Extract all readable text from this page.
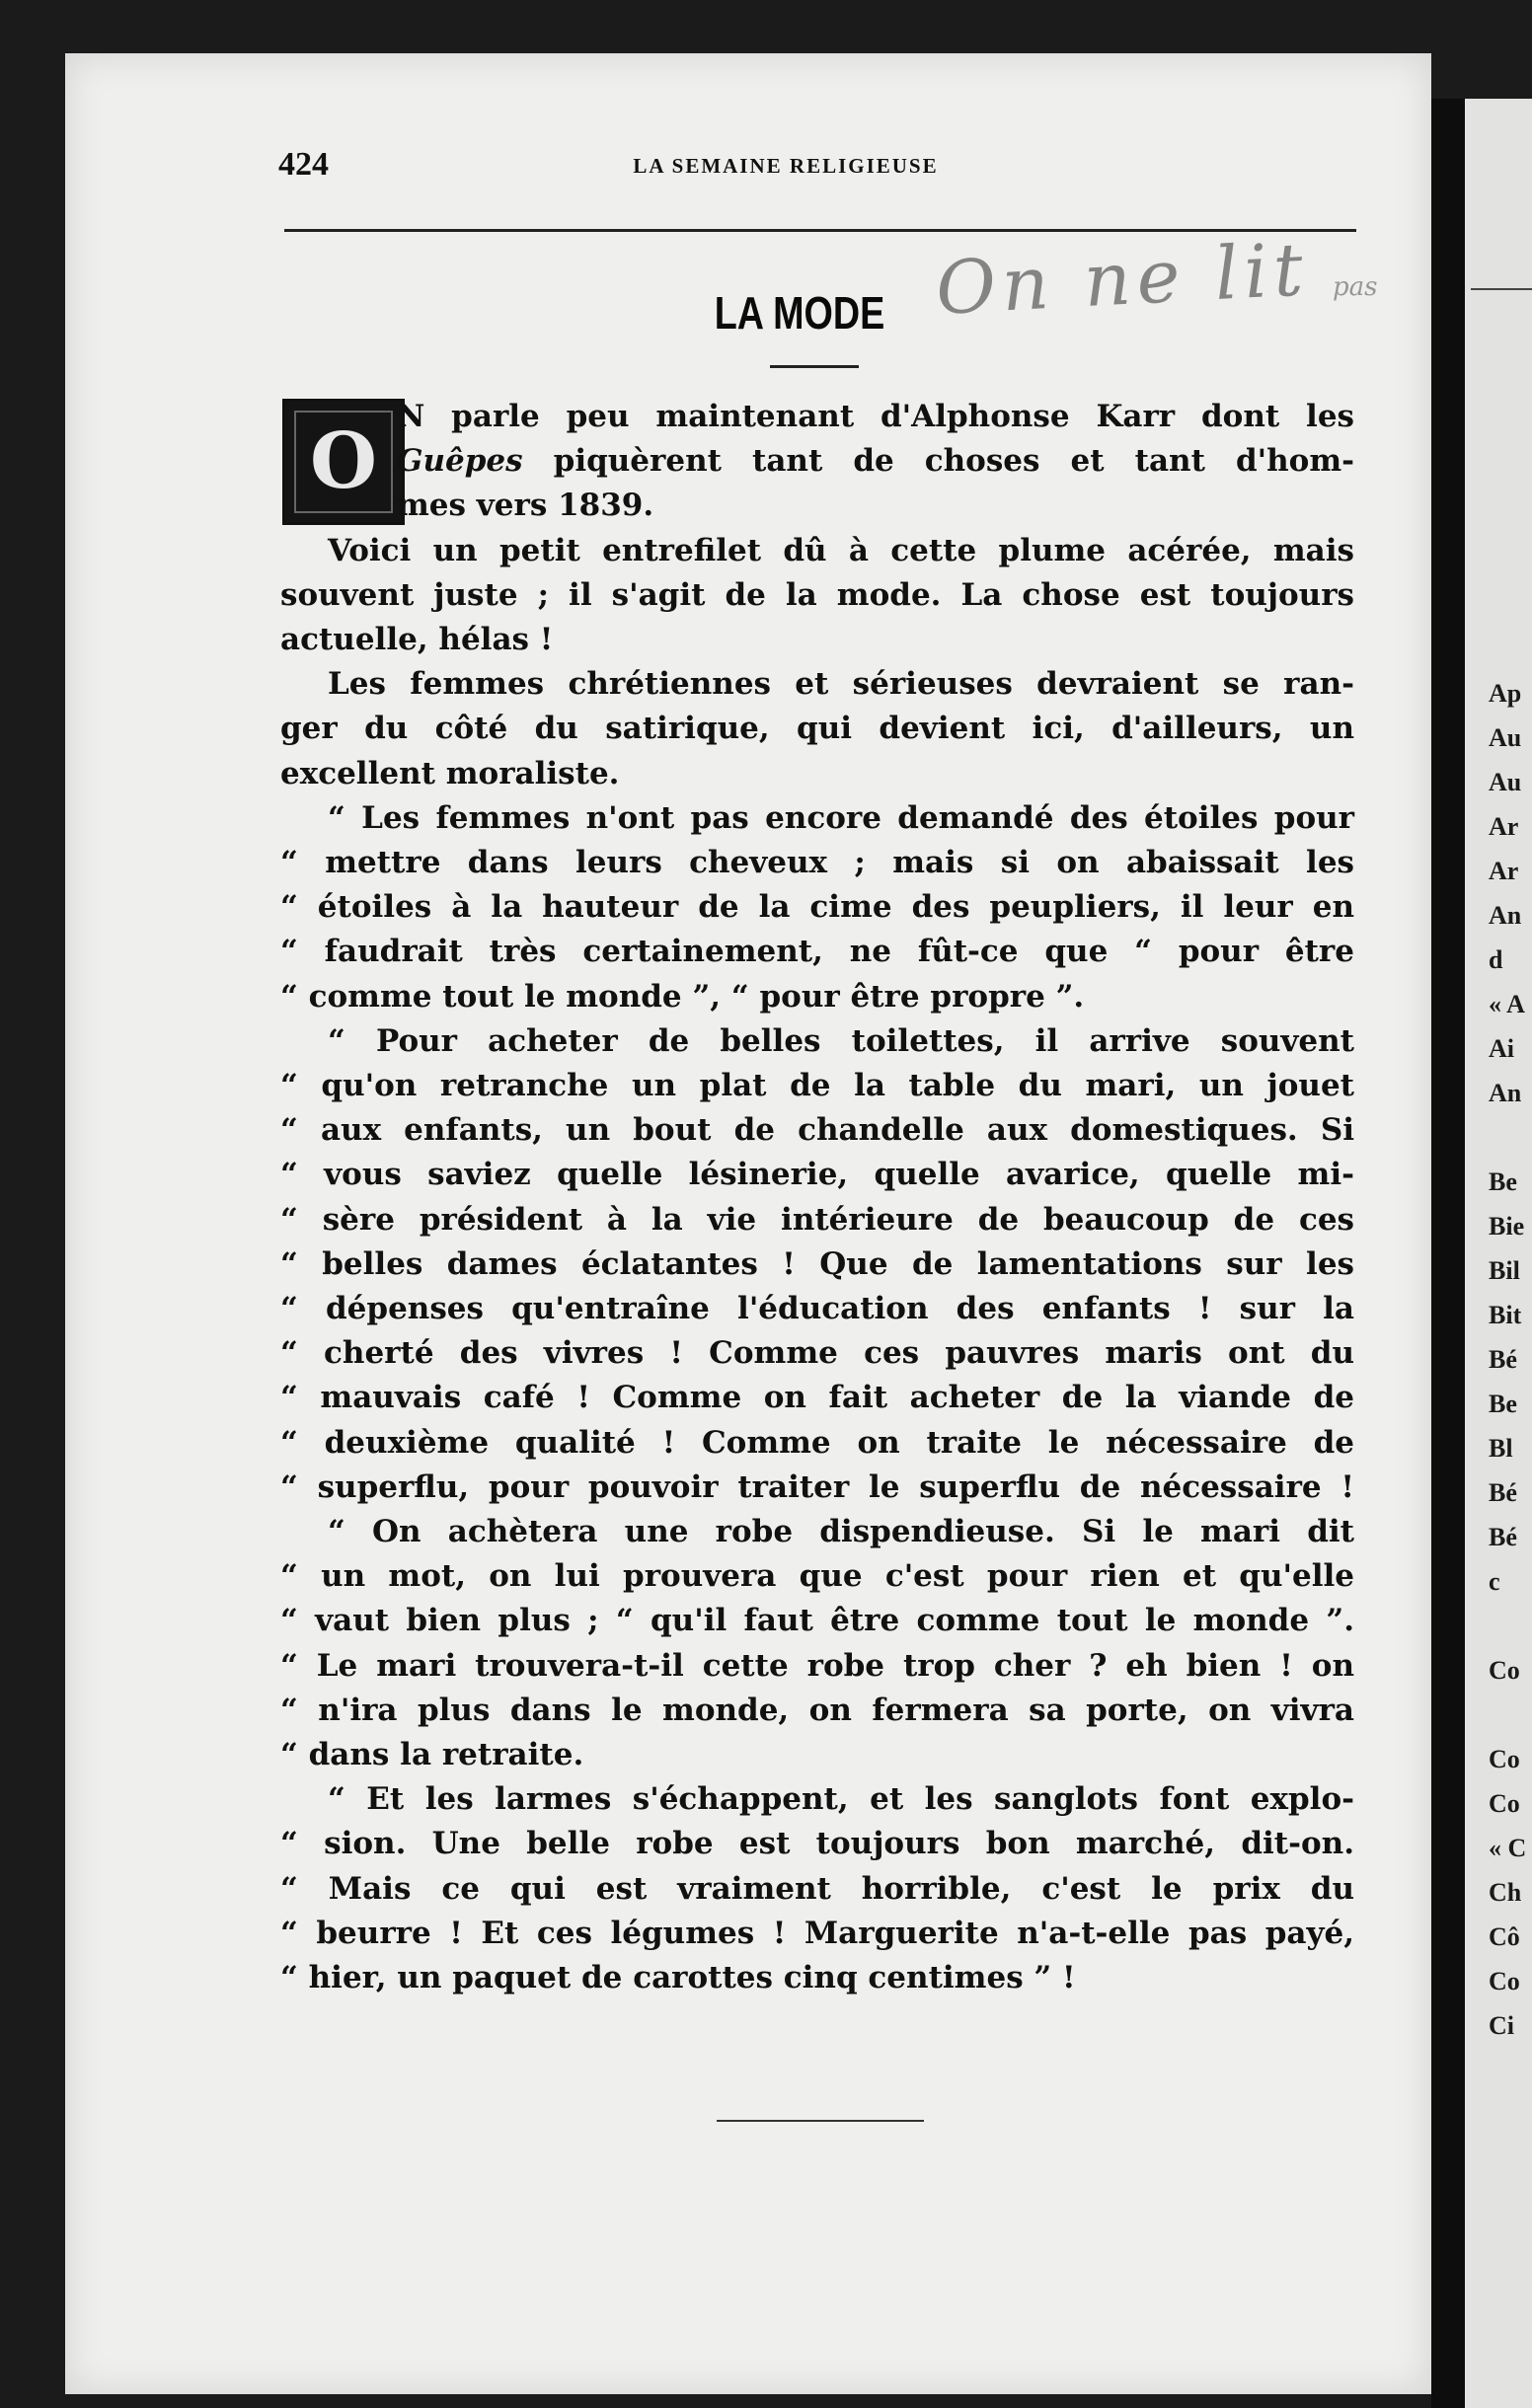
Ap
Au
Au
Ar
Ar
An
d
« A
Ai
An

Be
Bie
Bil
Bit
Bé
Be
Bl
Bé
Bé
c

Co

Co
Co
« C
Ch
Cô
Co
Ci
424	LA SEMAINE RELIGIEUSE
LA MODE On ne lit pas
O N parle peu maintenant d'Alphonse Karr dont les
Guêpes piquèrent tant de choses et tant d'hom-
mes vers 1839.
Voici un petit entrefilet dû à cette plume acérée, mais
souvent juste ; il s'agit de la mode. La chose est toujours
actuelle, hélas !
Les femmes chrétiennes et sérieuses devraient se ran-
ger du côté du satirique, qui devient ici, d'ailleurs, un
excellent moraliste.
“ Les femmes n'ont pas encore demandé des étoiles pour
“ mettre dans leurs cheveux ; mais si on abaissait les
“ étoiles à la hauteur de la cime des peupliers, il leur en
“ faudrait très certainement, ne fût-ce que “ pour être
“ comme tout le monde ”, “ pour être propre ”.
“ Pour acheter de belles toilettes, il arrive souvent
“ qu'on retranche un plat de la table du mari, un jouet
“ aux enfants, un bout de chandelle aux domestiques. Si
“ vous saviez quelle lésinerie, quelle avarice, quelle mi-
“ sère président à la vie intérieure de beaucoup de ces
“ belles dames éclatantes ! Que de lamentations sur les
“ dépenses qu'entraîne l'éducation des enfants ! sur la
“ cherté des vivres ! Comme ces pauvres maris ont du
“ mauvais café ! Comme on fait acheter de la viande de
“ deuxième qualité ! Comme on traite le nécessaire de
“ superflu, pour pouvoir traiter le superflu de nécessaire !
“ On achètera une robe dispendieuse. Si le mari dit
“ un mot, on lui prouvera que c'est pour rien et qu'elle
“ vaut bien plus ; “ qu'il faut être comme tout le monde ”.
“ Le mari trouvera-t-il cette robe trop cher ? eh bien ! on
“ n'ira plus dans le monde, on fermera sa porte, on vivra
“ dans la retraite.
“ Et les larmes s'échappent, et les sanglots font explo-
“ sion. Une belle robe est toujours bon marché, dit-on.
“ Mais ce qui est vraiment horrible, c'est le prix du
“ beurre ! Et ces légumes ! Marguerite n'a-t-elle pas payé,
“ hier, un paquet de carottes cinq centimes ” !
